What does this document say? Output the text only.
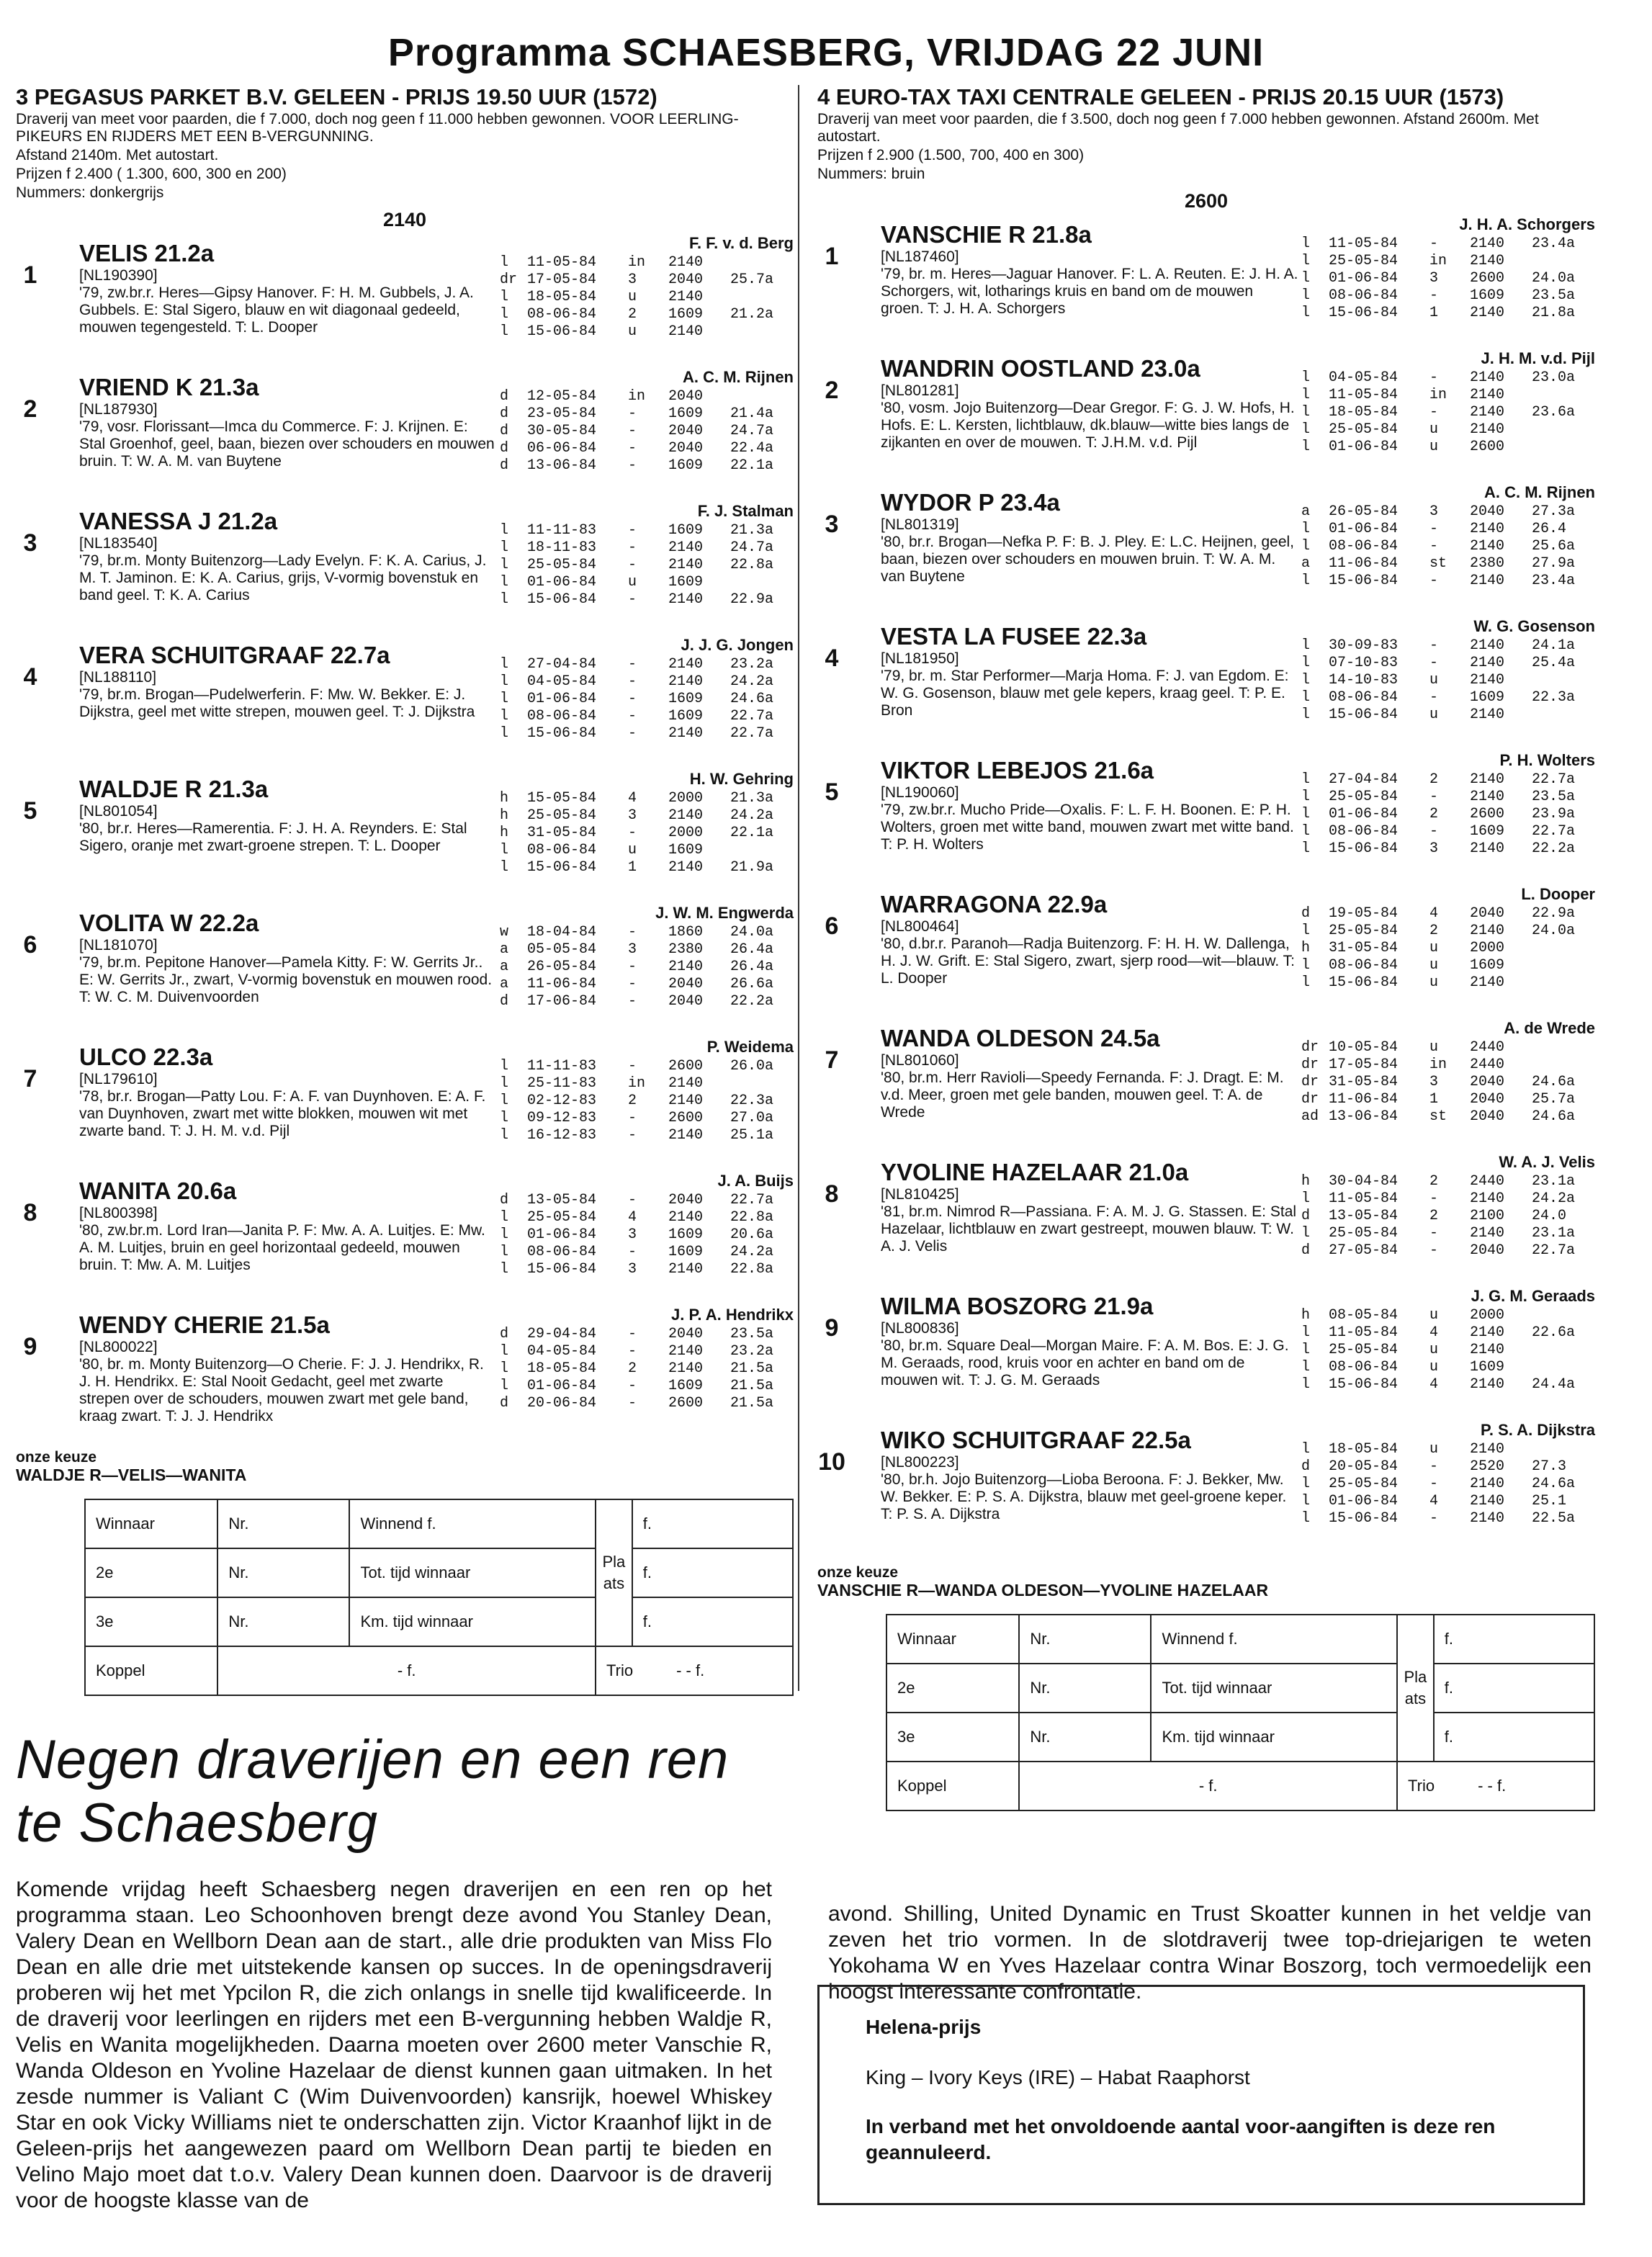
Programma SCHAESBERG, VRIJDAG 22 JUNI
3 PEGASUS PARKET B.V. GELEEN - PRIJS 19.50 UUR (1572)
Draverij van meet voor paarden, die f 7.000, doch nog geen f 11.000 hebben gewonnen. VOOR LEERLING-PIKEURS EN RIJDERS MET EEN B-VERGUNNING.
Afstand 2140m. Met autostart.
Prijzen f 2.400 ( 1.300, 600, 300 en 200)
Nummers: donkergrijs
2140
1
VELIS 21.2a
[NL190390]
'79, zw.br.r. Heres—Gipsy Hanover. F: H. M. Gubbels, J. A. Gubbels. E: Stal Sigero, blauw en wit diagonaal gedeeld, mouwen tegengesteld. T: L. Dooper
F. F. v. d. Berg
l 11-05-84 in 2140
dr 17-05-84 3 2040 25.7a
l 18-05-84 u 2140
l 08-06-84 2 1609 21.2a
l 15-06-84 u 2140
2
VRIEND K 21.3a
[NL187930]
'79, vosr. Florissant—Imca du Commerce. F: J. Krijnen. E: Stal Groenhof, geel, baan, biezen over schouders en mouwen bruin. T: W. A. M. van Buytene
A. C. M. Rijnen
d 12-05-84 in 2040
d 23-05-84 - 1609 21.4a
d 30-05-84 - 2040 24.7a
d 06-06-84 - 2040 22.4a
d 13-06-84 - 1609 22.1a
3
VANESSA J 21.2a
[NL183540]
'79, br.m. Monty Buitenzorg—Lady Evelyn. F: K. A. Carius, J. M. T. Jaminon. E: K. A. Carius, grijs, V-vormig bovenstuk en band geel. T: K. A. Carius
F. J. Stalman
l 11-11-83 - 1609 21.3a
l 18-11-83 - 2140 24.7a
l 25-05-84 - 2140 22.8a
l 01-06-84 u 1609
l 15-06-84 - 2140 22.9a
4
VERA SCHUITGRAAF 22.7a
[NL188110]
'79, br.m. Brogan—Pudelwerferin. F: Mw. W. Bekker. E: J. Dijkstra, geel met witte strepen, mouwen geel. T: J. Dijkstra
J. J. G. Jongen
l 27-04-84 - 2140 23.2a
l 04-05-84 - 2140 24.2a
l 01-06-84 - 1609 24.6a
l 08-06-84 - 1609 22.7a
l 15-06-84 - 2140 22.7a
5
WALDJE R 21.3a
[NL801054]
'80, br.r. Heres—Ramerentia. F: J. H. A. Reynders. E: Stal Sigero, oranje met zwart-groene strepen. T: L. Dooper
H. W. Gehring
h 15-05-84 4 2000 21.3a
h 25-05-84 3 2140 24.2a
h 31-05-84 - 2000 22.1a
l 08-06-84 u 1609
l 15-06-84 1 2140 21.9a
6
VOLITA W 22.2a
[NL181070]
'79, br.m. Pepitone Hanover—Pamela Kitty. F: W. Gerrits Jr.. E: W. Gerrits Jr., zwart, V-vormig bovenstuk en mouwen rood. T: W. C. M. Duivenvoorden
J. W. M. Engwerda
w 18-04-84 - 1860 24.0a
a 05-05-84 3 2380 26.4a
a 26-05-84 - 2140 26.4a
a 11-06-84 - 2040 26.6a
d 17-06-84 - 2040 22.2a
7
ULCO 22.3a
[NL179610]
'78, br.r. Brogan—Patty Lou. F: A. F. van Duynhoven. E: A. F. van Duynhoven, zwart met witte blokken, mouwen wit met zwarte band. T: J. H. M. v.d. Pijl
P. Weidema
l 11-11-83 - 2600 26.0a
l 25-11-83 in 2140
l 02-12-83 2 2140 22.3a
l 09-12-83 - 2600 27.0a
l 16-12-83 - 2140 25.1a
8
WANITA 20.6a
[NL800398]
'80, zw.br.m. Lord Iran—Janita P. F: Mw. A. A. Luitjes. E: Mw. A. M. Luitjes, bruin en geel horizontaal gedeeld, mouwen bruin. T: Mw. A. M. Luitjes
J. A. Buijs
d 13-05-84 - 2040 22.7a
l 25-05-84 4 2140 22.8a
l 01-06-84 3 1609 20.6a
l 08-06-84 - 1609 24.2a
l 15-06-84 3 2140 22.8a
9
WENDY CHERIE 21.5a
[NL800022]
'80, br. m. Monty Buitenzorg—O Cherie. F: J. J. Hendrikx, R. J. H. Hendrikx. E: Stal Nooit Gedacht, geel met zwarte strepen over de schouders, mouwen zwart met gele band, kraag zwart. T: J. J. Hendrikx
J. P. A. Hendrikx
d 29-04-84 - 2040 23.5a
l 04-05-84 - 2140 23.2a
l 18-05-84 2 2140 21.5a
l 01-06-84 - 1609 21.5a
d 20-06-84 - 2600 21.5a
onze keuze
WALDJE R—VELIS—WANITA
Winnaar	Nr.	Winnend f.	Plaats	f.
2e	Nr.	Tot. tijd winnaar		f.
3e	Nr.	Km. tijd winnaar		f.
Koppel	- f.		Trio - - f.	
4 EURO-TAX TAXI CENTRALE GELEEN - PRIJS 20.15 UUR (1573)
Draverij van meet voor paarden, die f 3.500, doch nog geen f 7.000 hebben gewonnen. Afstand 2600m. Met autostart.
Prijzen f 2.900 (1.500, 700, 400 en 300)
Nummers: bruin
2600
1
VANSCHIE R 21.8a
[NL187460]
'79, br. m. Heres—Jaguar Hanover. F: L. A. Reuten. E: J. H. A. Schorgers, wit, lotharings kruis en band om de mouwen groen. T: J. H. A. Schorgers
J. H. A. Schorgers
l 11-05-84 - 2140 23.4a
l 25-05-84 in 2140
l 01-06-84 3 2600 24.0a
l 08-06-84 - 1609 23.5a
l 15-06-84 1 2140 21.8a
2
WANDRIN OOSTLAND 23.0a
[NL801281]
'80, vosm. Jojo Buitenzorg—Dear Gregor. F: G. J. W. Hofs, H. Hofs. E: L. Kersten, lichtblauw, dk.blauw—witte bies langs de zijkanten en over de mouwen. T: J.H.M. v.d. Pijl
J. H. M. v.d. Pijl
l 04-05-84 - 2140 23.0a
l 11-05-84 in 2140
l 18-05-84 - 2140 23.6a
l 25-05-84 u 2140
l 01-06-84 u 2600
3
WYDOR P 23.4a
[NL801319]
'80, br.r. Brogan—Nefka P. F: B. J. Pley. E: L.C. Heijnen, geel, baan, biezen over schouders en mouwen bruin. T: W. A. M. van Buytene
A. C. M. Rijnen
a 26-05-84 3 2040 27.3a
l 01-06-84 - 2140 26.4
l 08-06-84 - 2140 25.6a
a 11-06-84 st 2380 27.9a
l 15-06-84 - 2140 23.4a
4
VESTA LA FUSEE 22.3a
[NL181950]
'79, br. m. Star Performer—Marja Homa. F: J. van Egdom. E: W. G. Gosenson, blauw met gele kepers, kraag geel. T: P. E. Bron
W. G. Gosenson
l 30-09-83 - 2140 24.1a
l 07-10-83 - 2140 25.4a
l 14-10-83 u 2140
l 08-06-84 - 1609 22.3a
l 15-06-84 u 2140
5
VIKTOR LEBEJOS 21.6a
[NL190060]
'79, zw.br.r. Mucho Pride—Oxalis. F: L. F. H. Boonen. E: P. H. Wolters, groen met witte band, mouwen zwart met witte band. T: P. H. Wolters
P. H. Wolters
l 27-04-84 2 2140 22.7a
l 25-05-84 - 2140 23.5a
l 01-06-84 2 2600 23.9a
l 08-06-84 - 1609 22.7a
l 15-06-84 3 2140 22.2a
6
WARRAGONA 22.9a
[NL800464]
'80, d.br.r. Paranoh—Radja Buitenzorg. F: H. H. W. Dallenga, H. J. W. Grift. E: Stal Sigero, zwart, sjerp rood—wit—blauw. T: L. Dooper
L. Dooper
d 19-05-84 4 2040 22.9a
l 25-05-84 2 2140 24.0a
h 31-05-84 u 2000
l 08-06-84 u 1609
l 15-06-84 u 2140
7
WANDA OLDESON 24.5a
[NL801060]
'80, br.m. Herr Ravioli—Speedy Fernanda. F: J. Dragt. E: M. v.d. Meer, groen met gele banden, mouwen geel. T: A. de Wrede
A. de Wrede
dr 10-05-84 u 2440
dr 17-05-84 in 2440
dr 31-05-84 3 2040 24.6a
dr 11-06-84 1 2040 25.7a
ad 13-06-84 st 2040 24.6a
8
YVOLINE HAZELAAR 21.0a
[NL810425]
'81, br.m. Nimrod R—Passiana. F: A. M. J. G. Stassen. E: Stal Hazelaar, lichtblauw en zwart gestreept, mouwen blauw. T: W. A. J. Velis
W. A. J. Velis
h 30-04-84 2 2440 23.1a
l 11-05-84 - 2140 24.2a
d 13-05-84 2 2100 24.0
l 25-05-84 - 2140 23.1a
d 27-05-84 - 2040 22.7a
9
WILMA BOSZORG 21.9a
[NL800836]
'80, br.m. Square Deal—Morgan Maire. F: A. M. Bos. E: J. G. M. Geraads, rood, kruis voor en achter en band om de mouwen wit. T: J. G. M. Geraads
J. G. M. Geraads
h 08-05-84 u 2000
l 11-05-84 4 2140 22.6a
l 25-05-84 u 2140
l 08-06-84 u 1609
l 15-06-84 4 2140 24.4a
10
WIKO SCHUITGRAAF 22.5a
[NL800223]
'80, br.h. Jojo Buitenzorg—Lioba Beroona. F: J. Bekker, Mw. W. Bekker. E: P. S. A. Dijkstra, blauw met geel-groene keper. T: P. S. A. Dijkstra
P. S. A. Dijkstra
l 18-05-84 u 2140
d 20-05-84 - 2520 27.3
l 25-05-84 - 2140 24.6a
l 01-06-84 4 2140 25.1
l 15-06-84 - 2140 22.5a
onze keuze
VANSCHIE R—WANDA OLDESON—YVOLINE HAZELAAR
Winnaar	Nr.	Winnend f.	Plaats	f.
2e	Nr.	Tot. tijd winnaar		f.
3e	Nr.	Km. tijd winnaar		f.
Koppel	- f.		Trio - - f.	
Negen draverijen en een ren te Schaesberg
Komende vrijdag heeft Schaesberg negen draverijen en een ren op het programma staan. Leo Schoonhoven brengt deze avond You Stanley Dean, Valery Dean en Wellborn Dean aan de start., alle drie produkten van Miss Flo Dean en alle drie met uitstekende kansen op succes. In de openingsdraverij proberen wij het met Ypcilon R, die zich onlangs in snelle tijd kwalificeerde. In de draverij voor leerlingen en rijders met een B-vergunning hebben Waldje R, Velis en Wanita mogelijkheden. Daarna moeten over 2600 meter Vanschie R, Wanda Oldeson en Yvoline Hazelaar de dienst kunnen gaan uitmaken. In het zesde nummer is Valiant C (Wim Duivenvoorden) kansrijk, hoewel Whiskey Star en ook Vicky Williams niet te onderschatten zijn. Victor Kraanhof lijkt in de Geleen-prijs het aangewezen paard om Wellborn Dean partij te bieden en Velino Majo moet dat t.o.v. Valery Dean kunnen doen. Daarvoor is de draverij voor de hoogste klasse van de
avond. Shilling, United Dynamic en Trust Skoatter kunnen in het veldje van zeven het trio vormen. In de slotdraverij twee top-driejarigen te weten Yokohama W en Yves Hazelaar contra Winar Boszorg, toch vermoedelijk een hoogst interessante confrontatie.
Helena-prijs
King – Ivory Keys (IRE) – Habat Raaphorst
In verband met het onvoldoende aantal voor-aangiften is deze ren geannuleerd.
